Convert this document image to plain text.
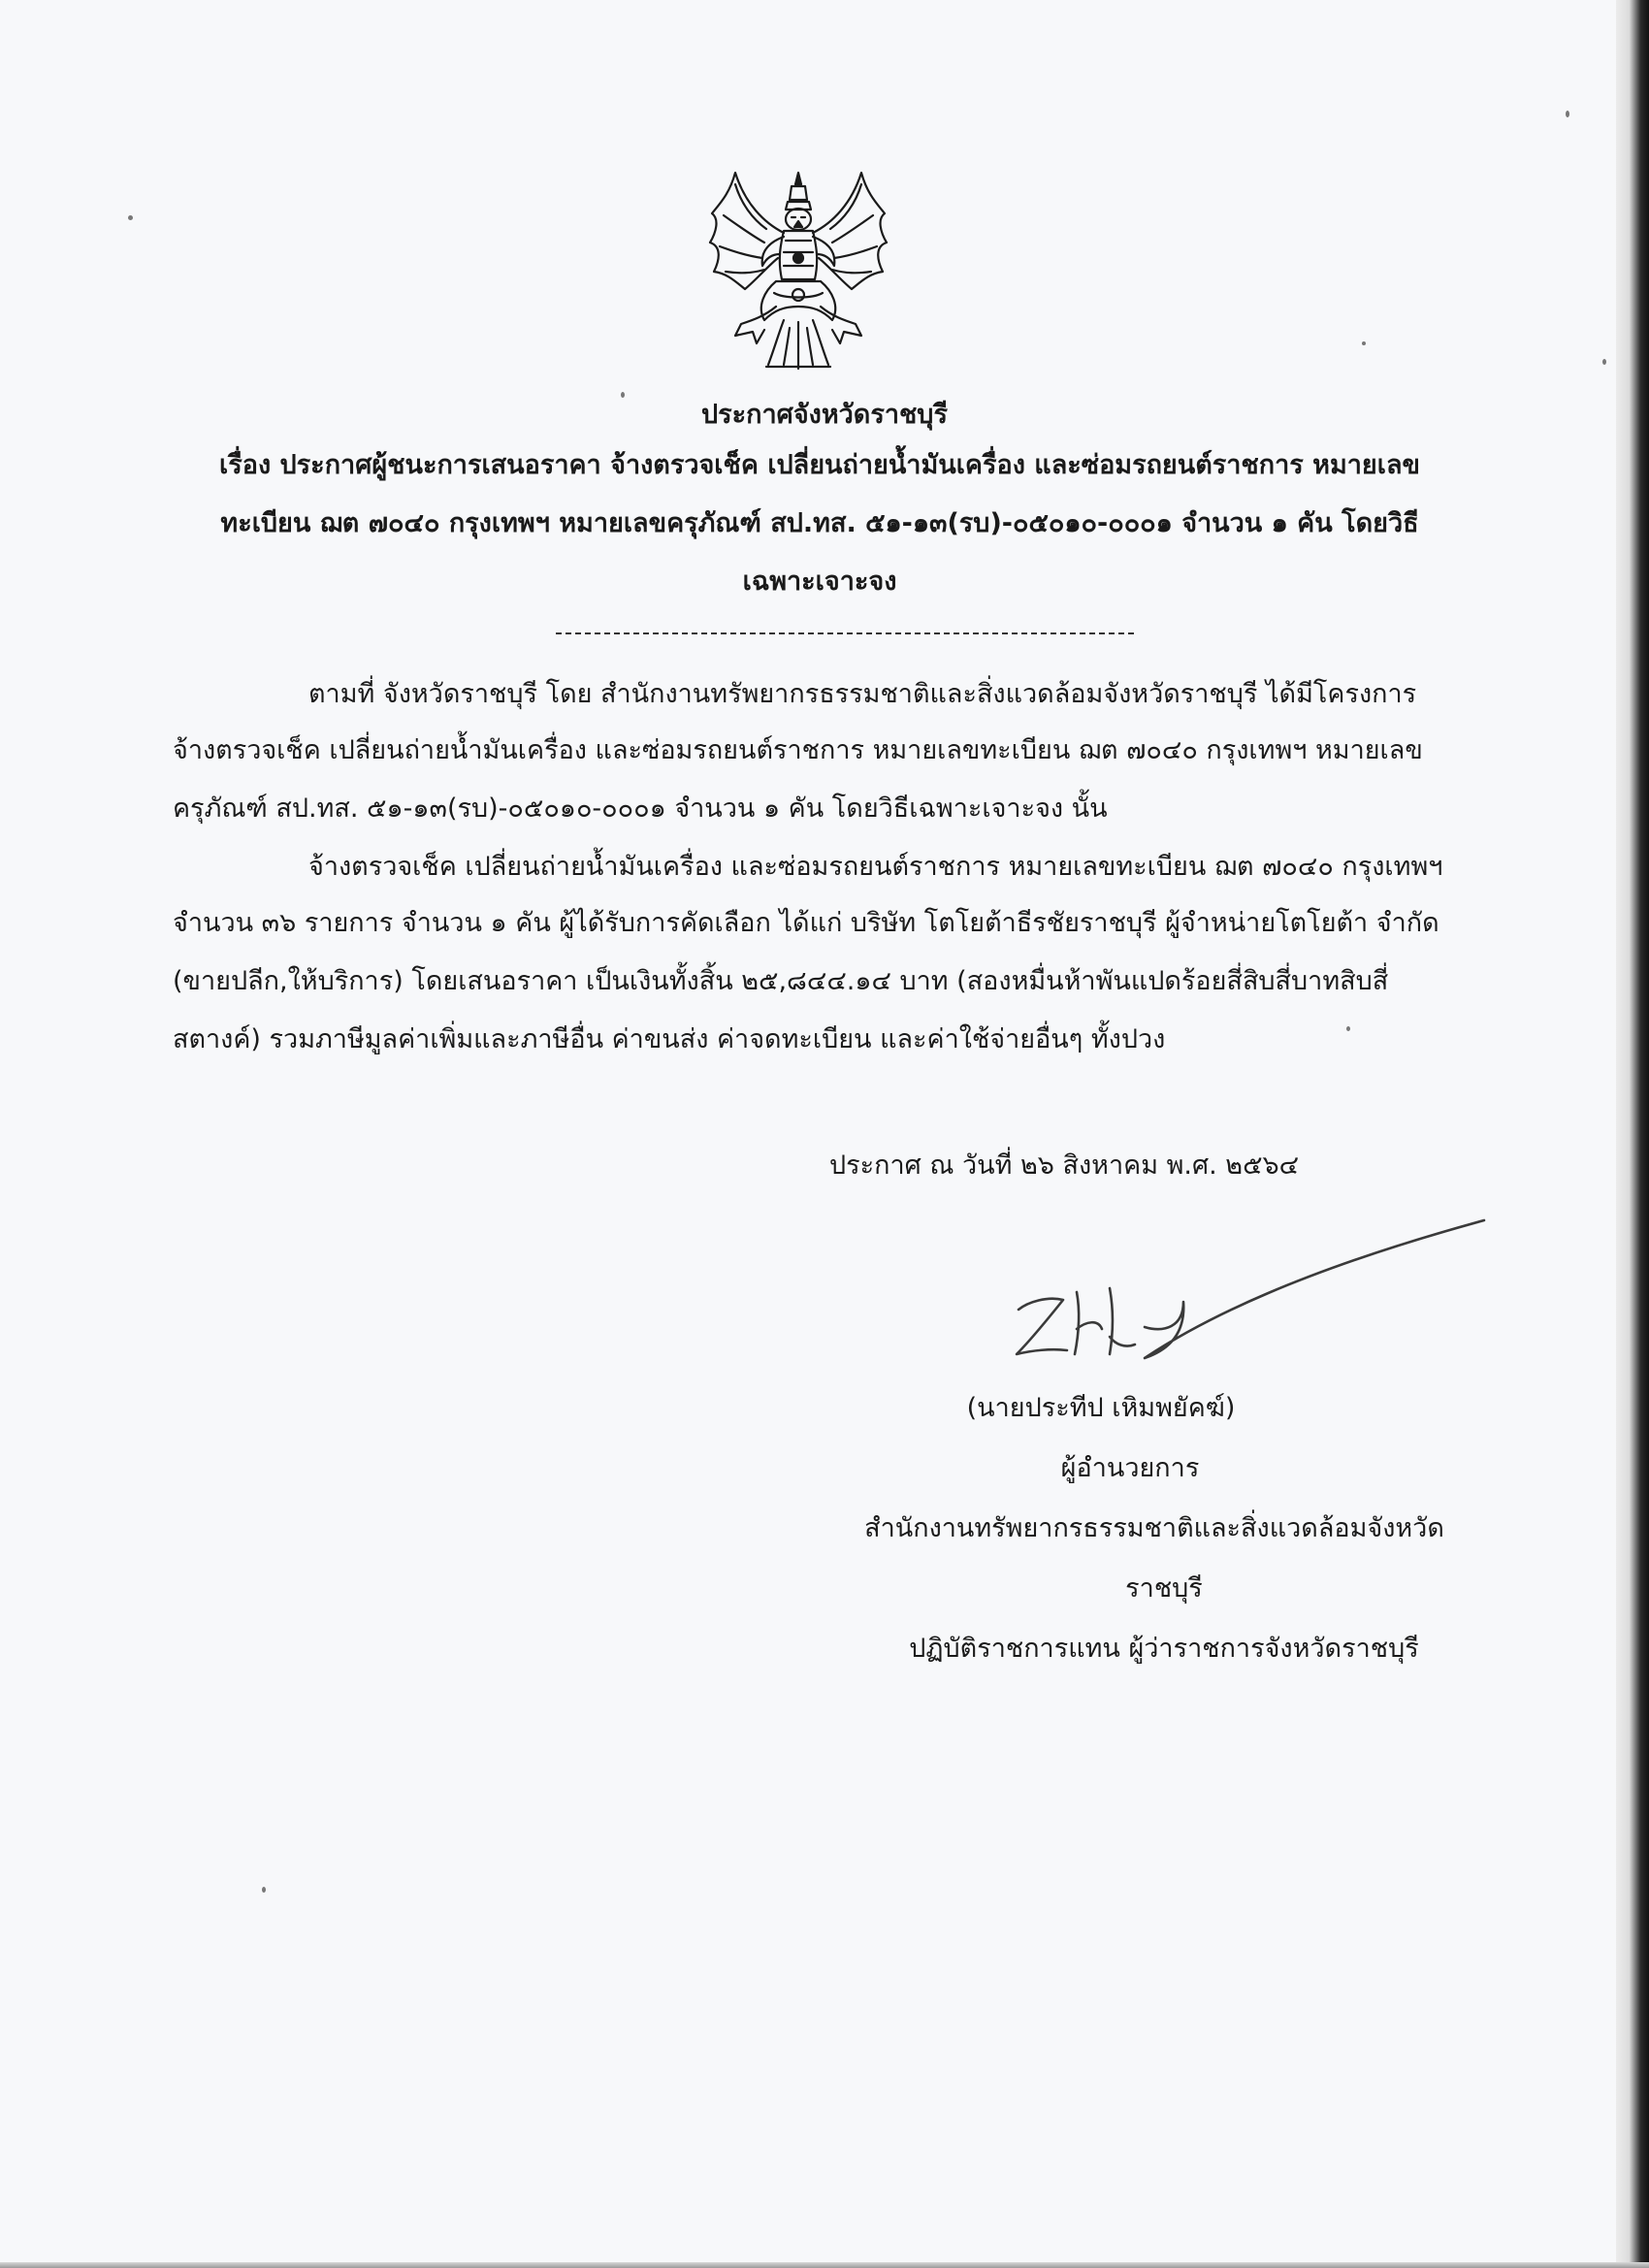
ประกาศจังหวัดราชบุรี
เรื่อง ประกาศผู้ชนะการเสนอราคา จ้างตรวจเช็ค เปลี่ยนถ่ายน้ำมันเครื่อง และซ่อมรถยนต์ราชการ หมายเลข
ทะเบียน ฌต ๗๐๔๐ กรุงเทพฯ หมายเลขครุภัณฑ์ สป.ทส. ๕๑-๑๓(รบ)-๐๕๐๑๐-๐๐๐๑ จำนวน ๑ คัน โดยวิธี
เฉพาะเจาะจง
ตามที่ จังหวัดราชบุรี โดย สำนักงานทรัพยากรธรรมชาติและสิ่งแวดล้อมจังหวัดราชบุรี ได้มีโครงการ
จ้างตรวจเช็ค เปลี่ยนถ่ายน้ำมันเครื่อง และซ่อมรถยนต์ราชการ หมายเลขทะเบียน ฌต ๗๐๔๐ กรุงเทพฯ หมายเลข
ครุภัณฑ์ สป.ทส. ๕๑-๑๓(รบ)-๐๕๐๑๐-๐๐๐๑ จำนวน ๑ คัน โดยวิธีเฉพาะเจาะจง นั้น
จ้างตรวจเช็ค เปลี่ยนถ่ายน้ำมันเครื่อง และซ่อมรถยนต์ราชการ หมายเลขทะเบียน ฌต ๗๐๔๐ กรุงเทพฯ
จำนวน ๓๖ รายการ จำนวน ๑ คัน ผู้ได้รับการคัดเลือก ได้แก่ บริษัท โตโยต้าธีรชัยราชบุรี ผู้จำหน่ายโตโยต้า จำกัด
(ขายปลีก,ให้บริการ) โดยเสนอราคา เป็นเงินทั้งสิ้น ๒๕,๘๔๔.๑๔ บาท (สองหมื่นห้าพันแปดร้อยสี่สิบสี่บาทสิบสี่
สตางค์) รวมภาษีมูลค่าเพิ่มและภาษีอื่น ค่าขนส่ง ค่าจดทะเบียน และค่าใช้จ่ายอื่นๆ ทั้งปวง
ประกาศ ณ วันที่ ๒๖ สิงหาคม พ.ศ. ๒๕๖๔
(นายประทีป เหิมพยัคฆ์)
ผู้อำนวยการ
สำนักงานทรัพยากรธรรมชาติและสิ่งแวดล้อมจังหวัด
ราชบุรี
ปฏิบัติราชการแทน ผู้ว่าราชการจังหวัดราชบุรี
